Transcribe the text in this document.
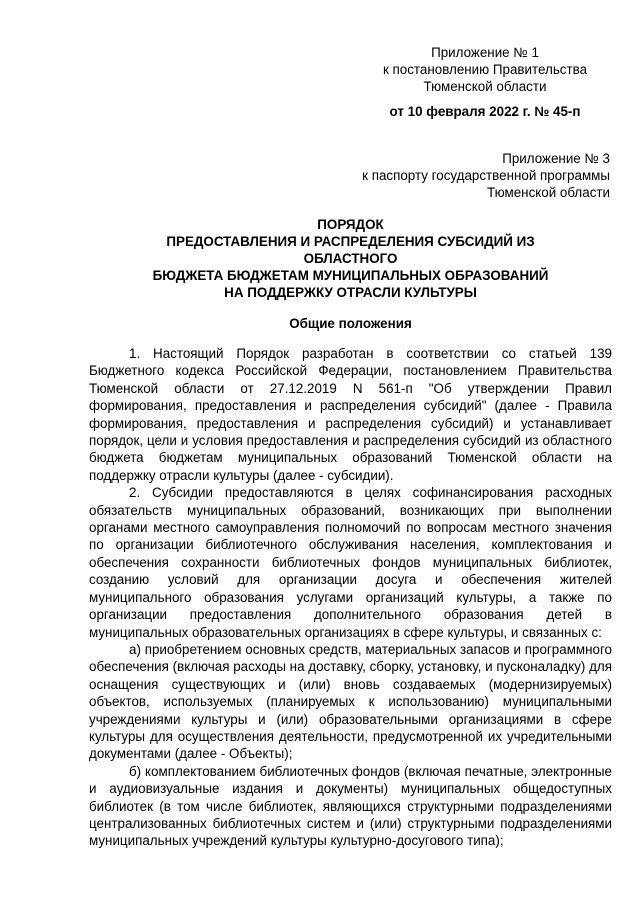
Приложение № 1
к постановлению Правительства
Тюменской области
от 10 февраля 2022 г. № 45-п
Приложение № 3
к паспорту государственной программы
Тюменской области
ПОРЯДОК
ПРЕДОСТАВЛЕНИЯ И РАСПРЕДЕЛЕНИЯ СУБСИДИЙ ИЗ
ОБЛАСТНОГО
БЮДЖЕТА БЮДЖЕТАМ МУНИЦИПАЛЬНЫХ ОБРАЗОВАНИЙ
НА ПОДДЕРЖКУ ОТРАСЛИ КУЛЬТУРЫ
Общие положения

1. Настоящий Порядок разработан в соответствии со статьей 139 Бюджетного кодекса Российской Федерации, постановлением Правительства Тюменской области от 27.12.2019 N 561-п "Об утверждении Правил формирования, предоставления и распределения субсидий" (далее - Правила формирования, предоставления и распределения субсидий) и устанавливает порядок, цели и условия предоставления и распределения субсидий из областного бюджета бюджетам муниципальных образований Тюменской области на поддержку отрасли культуры (далее - субсидии).

2. Субсидии предоставляются в целях софинансирования расходных обязательств муниципальных образований, возникающих при выполнении органами местного самоуправления полномочий по вопросам местного значения по организации библиотечного обслуживания населения, комплектования и обеспечения сохранности библиотечных фондов муниципальных библиотек, созданию условий для организации досуга и обеспечения жителей муниципального образования услугами организаций культуры, а также по организации предоставления дополнительного образования детей в муниципальных образовательных организациях в сфере культуры, и связанных с:

а) приобретением основных средств, материальных запасов и программного обеспечения (включая расходы на доставку, сборку, установку, и пусконаладку) для оснащения существующих и (или) вновь создаваемых (модернизируемых) объектов, используемых (планируемых к использованию) муниципальными учреждениями культуры и (или) образовательными организациями в сфере культуры для осуществления деятельности, предусмотренной их учредительными документами (далее - Объекты);

б) комплектованием библиотечных фондов (включая печатные, электронные и аудиовизуальные издания и документы) муниципальных общедоступных библиотек (в том числе библиотек, являющихся структурными подразделениями централизованных библиотечных систем и (или) структурными подразделениями муниципальных учреждений культуры культурно-досугового типа);
